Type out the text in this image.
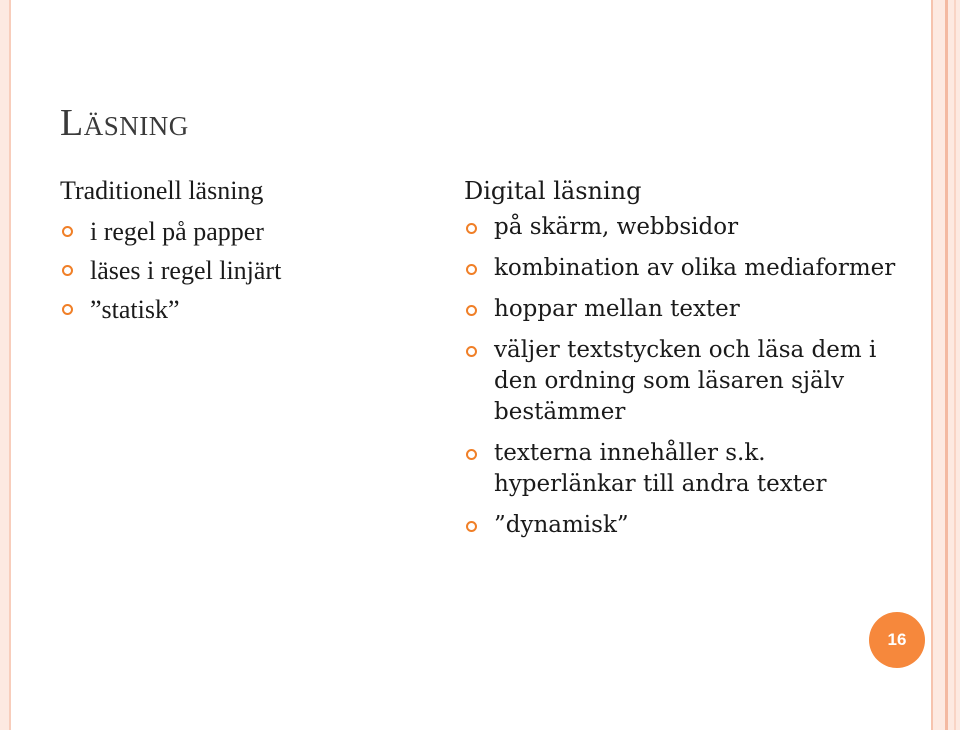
Läsning
Traditionell läsning
i regel på papper
läses i regel linjärt
”statisk”
Digital läsning
på skärm, webbsidor
kombination av olika mediaformer
hoppar mellan texter
väljer textstycken och läsa dem i den ordning som läsaren själv bestämmer
texterna innehåller s.k. hyperlänkar till andra texter
”dynamisk”
16
